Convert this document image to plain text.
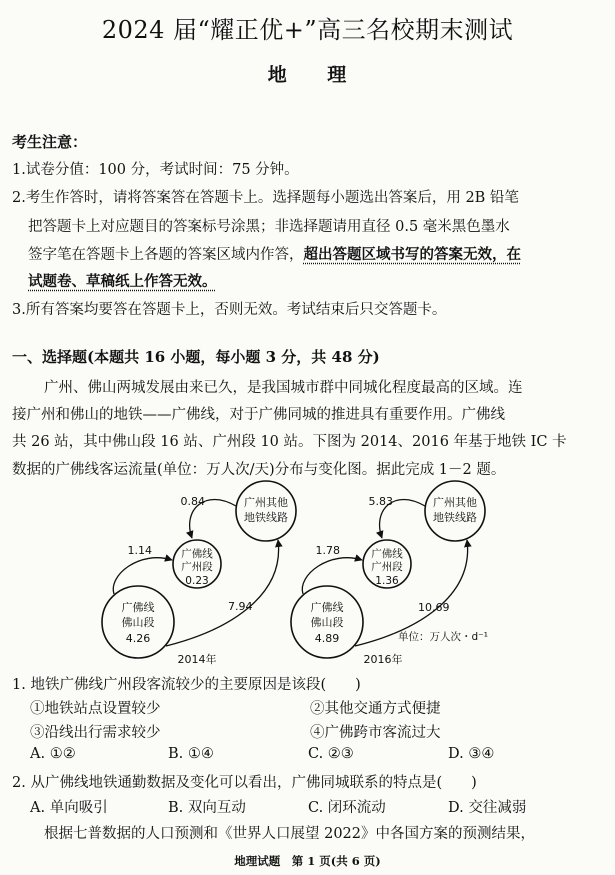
2024 届“耀正优+”高三名校期末测试
地 理
考生注意：
1.试卷分值：100 分，考试时间：75 分钟。
2.考生作答时，请将答案答在答题卡上。选择题每小题选出答案后，用 2B 铅笔
把答题卡上对应题目的答案标号涂黑；非选择题请用直径 0.5 毫米黑色墨水
签字笔在答题卡上各题的答案区域内作答，超出答题区域书写的答案无效，在
试题卷、草稿纸上作答无效。
3.所有答案均要答在答题卡上，否则无效。考试结束后只交答题卡。
一、选择题(本题共 16 小题，每小题 3 分，共 48 分)
广州、佛山两城发展由来已久，是我国城市群中同城化程度最高的区域。连
接广州和佛山的地铁——广佛线，对于广佛同城的推进具有重要作用。广佛线
共 26 站，其中佛山段 16 站、广州段 10 站。下图为 2014、2016 年基于地铁 IC 卡
数据的广佛线客运流量(单位：万人次/天)分布与变化图。据此完成 1－2 题。
广州其他
地铁线路
广佛线
广州段
0.23
广佛线
佛山段
4.26
0.84
1.14
7.94
2014年
广州其他
地铁线路
广佛线
广州段
1.36
广佛线
佛山段
4.89
5.83
1.78
10.69
2016年
单位：万人次・d⁻¹
1. 地铁广佛线广州段客流较少的主要原因是该段(　　)
①地铁站点设置较少	②其他交通方式便捷
③沿线出行需求较少	④广佛跨市客流过大
A. ①②	B. ①④	C. ②③	D. ③④
2. 从广佛线地铁通勤数据及变化可以看出，广佛同城联系的特点是(　　)
A. 单向吸引	B. 双向互动	C. 闭环流动	D. 交往减弱
根据七普数据的人口预测和《世界人口展望 2022》中各国方案的预测结果，
地理试题　第 1 页(共 6 页)
